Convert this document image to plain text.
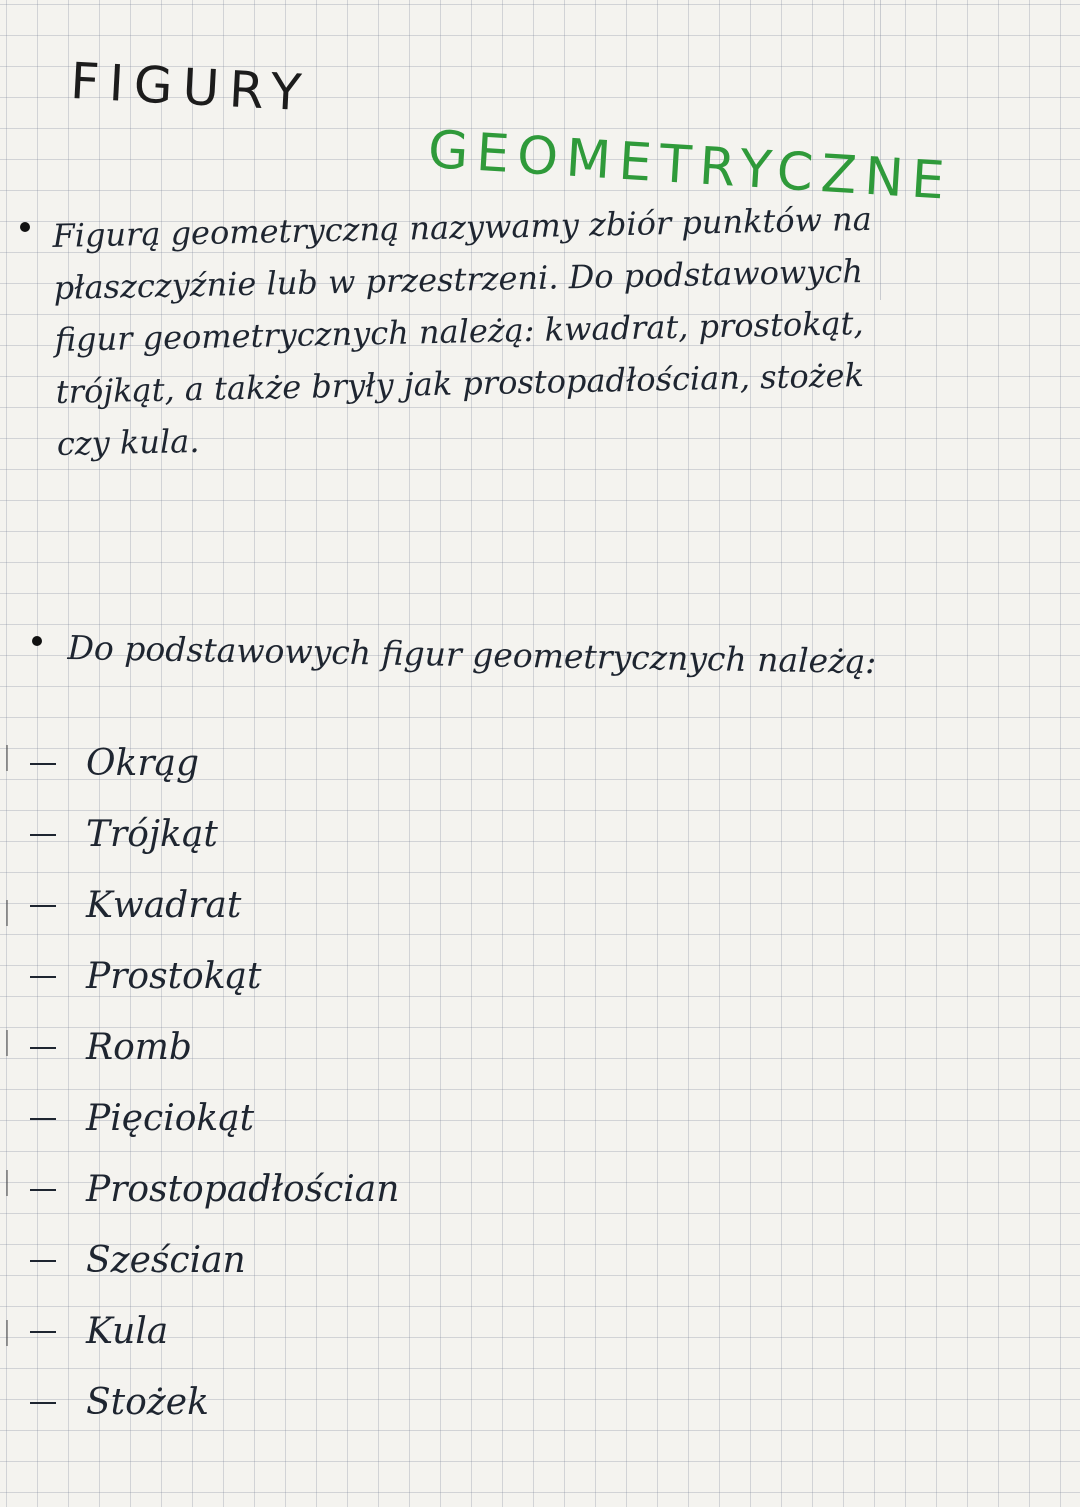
FIGURY
GEOMETRYCZNE
Figurą geometryczną nazywamy zbiór punktów na płaszczyźnie lub w przestrzeni. Do podstawowych figur geometrycznych należą: kwadrat, prostokąt, trójkąt, a także bryły jak prostopadłościan, stożek czy kula.
Do podstawowych figur geometrycznych należą:
Okrąg
Trójkąt
Kwadrat
Prostokąt
Romb
Pięciokąt
Prostopadłościan
Sześcian
Kula
Stożek
